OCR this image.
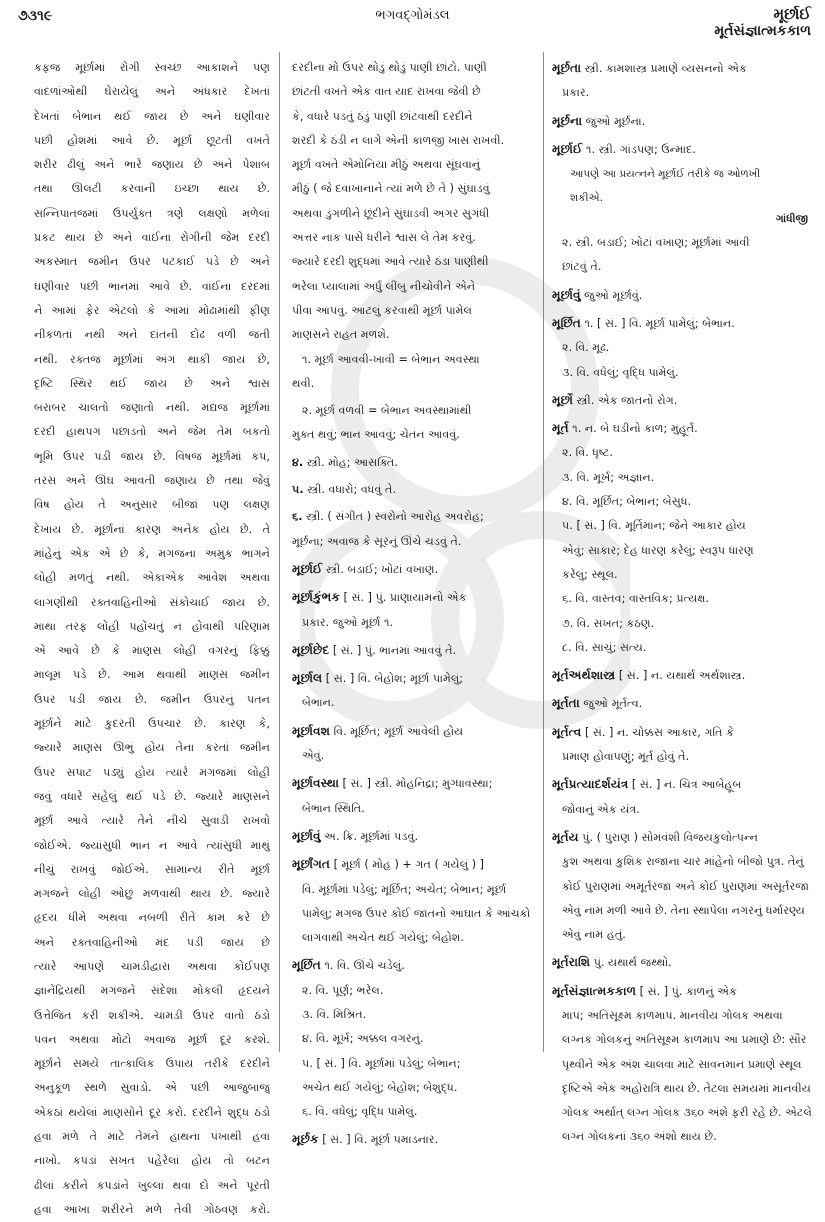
૭૩૧૯	ભગવદ્ગોમંડલ	મૂર્છાઈ
મૂર્તસંજ્ઞાત્મકકાળ
કફજ મૂર્છામાં રોગી સ્વચ્છ આકાશને પણ
વાદળાંઓથી ઘેરાયેલું અને અંધકાર દેખતાં
દેખતાં બેભાન થઈ જાય છે અને ઘણીવાર
પછી હોશમાં આવે છે. મૂર્છા છૂટતી વખતે
શરીર ઢીલું અને ભારે જણાય છે અને પેશાબ
તથા ઊલટી કરવાની ઇચ્છા થાય છે.
સન્નિપાતજમાં ઉપર્યુક્ત ત્રણે લક્ષણો મળેલાં
પ્રકટ થાય છે અને વાઈના રોગીની જેમ દરદી
અકસ્માત જમીન ઉપર પટકાઈ પડે છે અને
ઘણીવાર પછી ભાનમાં આવે છે. વાઈના દરદમાં
ને આમાં ફેર એટલો કે આમાં મોઢામાંથી ફીણ
નીકળતાં નથી અને દાંતની દોઢ વળી જતી
નથી. રક્તજ મૂર્છામાં અંગ થાકી જાય છે,
દૃષ્ટિ સ્થિર થઈ જાય છે અને શ્વાસ
બરાબર ચાલતો જણાતો નથી. મદ્યજ મૂર્છામાં
દરદી હાથપગ પછાડતો અને જેમ તેમ બકતો
ભૂમિ ઉપર પડી જાય છે. વિષજ મૂર્છામાં કંપ,
તરસ અને ઊંઘ આવતી જણાય છે તથા જેવું
વિષ હોય તે અનુસાર બીજાં પણ લક્ષણ
દેખાય છે. મૂર્છાનાં કારણ અનેક હોય છે. તે
માંહેનું એક એ છે કે, મગજના અમુક ભાગને
લોહી મળતું નથી. એકાએક આવેશ અથવા
લાગણીથી રક્તવાહિનીઓ સંકોચાઈ જાય છે.
માથા તરફ લોહી પહોંચતું ન હોવાથી પરિણામ
એ આવે છે કે માણસ લોહી વગરનું ફિક્કું
માલૂમ પડે છે. આમ થવાથી માણસ જમીન
ઉપર પડી જાય છે. જમીન ઉપરનું પતન
મૂર્છાને માટે કુદરતી ઉપચાર છે. કારણ કે,
જ્યારે માણસ ઊભું હોય તેના કરતાં જમીન
ઉપર સપાટ પડ્યું હોય ત્યારે મગજમાં લોહી
જવું વધારે સહેલું થઈ પડે છે. જ્યારે માણસને
મૂર્છા આવે ત્યારે તેને નીચે સુવાડી રાખવો
જોઈએ. જ્યાંસુધી ભાન ન આવે ત્યાંસુધી માથું
નીચું રાખવું જોઈએ. સામાન્ય રીતે મૂર્છા
મગજને લોહી ઓછું મળવાથી થાય છે. જ્યારે
હૃદય ધીમે અથવા નબળી રીતે કામ કરે છે
અને રક્તવાહિનીઓ મંદ પડી જાય છે
ત્યારે આપણે ચામડીદ્વારા અથવા કોઈપણ
જ્ઞાનેંદ્રિયથી મગજને સંદેશા મોકલી હૃદયને
ઉત્તેજિત કરી શકીએ. ચામડી ઉપર વાતો ઠંડો
પવન અથવા મોટો અવાજ મૂર્છા દૂર કરશે.
મૂર્છાને સમયે તાત્કાલિક ઉપાય તરીકે દરદીને
અનુકૂળ સ્થળે સુવાડો. એ પછી આજુબાજુ
એકઠાં થયેલાં માણસોને દૂર કરો. દરદીને શુદ્ધ ઠંડો
હવા મળે તે માટે તેમને હાથના પંખાથી હવા
નાખો. કપડાં સખત પહેરેલાં હોય તો બટન
ઢીલાં કરીને કપડાંને ખુલ્લાં થવા દો અને પૂરતી
હવા આખા શરીરને મળે તેવી ગોઠવણ કરો.
દરદીના મોં ઉપર થોડું થોડું પાણી છાંટો. પાણી
છાંટતી વખતે એક વાત યાદ રાખવા જેવી છે
કે, વધારે પડતું ઠંડું પાણી છાંટવાથી દરદીને
શરદી કે ઠંડી ન લાગે એની કાળજી ખાસ રાખવી.
મૂર્છા વખતે એમોનિયા મીઠું અથવા સૂંઘવાનું
મીઠું ( જે દવાખાનાને ત્યાં મળે છે તે ) સુંઘાડવું
અથવા ડુંગળીને છૂંદીને સુંઘાડવી અગર સુગંધી
અત્તર નાક પાસે ધરીને શ્વાસ લે તેમ કરવું.
જ્યારે દરદી શુદ્ધમાં આવે ત્યારે ઠંડા પાણીથી
ભરેલા પ્યાલામાં અર્ધું લીંબુ નીચોવીને એને
પીવા આપવું. આટલું કરવાથી મૂર્છા પામેલ
માણસને રાહત મળશે.
૧. મૂર્છા આવવી-ખાવી = બેભાન અવસ્થા
થવી.
૨. મૂર્છા વળવી = બેભાન અવસ્થામાંથી
મુક્ત થવું; ભાન આવવું; ચેતન આવવું.
૪. સ્ત્રી. મોહ; આસક્તિ.
૫. સ્ત્રી. વધારો; વધવું તે.
૬. સ્ત્રી. ( સંગીત ) સ્વરોનો આરોહ અવરોહ;
મૂર્છના; અવાજ કે સૂરનું ઊંચે ચડવું તે.
મૂર્છાઈ સ્ત્રી. બડાઈ; ખોટાં વખાણ.
મૂર્છાકુંભક [ સં. ] પું. પ્રાણાયામનો એક
પ્રકાર. જુઓ મૂર્છા ૧.
મૂર્છાછેદ [ સં. ] પું. ભાનમાં આવવું તે.
મૂર્છાલ [ સં. ] વિ. બેહોશ; મૂર્છા પામેલું;
બેભાન.
મૂર્છાવશ વિ. મૂર્છિત; મૂર્છા આવેલી હોય
એવું.
મૂર્છાવસ્થા [ સં. ] સ્ત્રી. મોહનિદ્રા; મુગ્ધાવસ્થા;
બેભાન સ્થિતિ.
મૂર્છાવું અ. ક્રિ. મૂર્છામાં પડવું.
મૂર્છાંગત [ મૂર્છા ( મોહ ) + ગત ( ગયેલું ) ]
વિ. મૂર્છામાં પડેલું; મૂર્છિત; અચેત; બેભાન; મૂર્છા પામેલું; મગજ ઉપર કોઈ જાતનો આઘાત કે આંચકો લાગવાથી અચેત થઈ ગયેલું; બેહોશ.
મૂર્છિત ૧. વિ. ઊંચે ચડેલું.
૨. વિ. પૂર્ણ; ભરેલ.
૩. વિ. મિશ્રિત.
૪. વિ. મૂર્ખ; અક્કલ વગરનું.
૫. [ સં. ] વિ. મૂર્છામાં પડેલું; બેભાન;
અચેત થઈ ગયેલું; બેહોશ; બેશુદ્ધ.
૬. વિ. વધેલું; વૃદ્ધિ પામેલું.
મૂર્છક [ સં. ] વિ. મૂર્છા પમાડનાર.
મૂર્છતા સ્ત્રી. કામશાસ્ત્ર પ્રમાણે વ્યસનનો એક
પ્રકાર.
મૂર્છના જુઓ મૂર્છના.
મૂર્છાઈ ૧. સ્ત્રી. ગાંડપણ; ઉન્માદ.
આપણે આ પ્રયત્નને મૂર્છાઈ તરીકે જ ઓળખી
શકીએ.
ગાંધીજી
૨. સ્ત્રી. બડાઈ; ખોટાં વખાણ; મૂર્છામાં આવી
છાંટવું તે.
મૂર્છાવું જુઓ મૂર્છાવું.
મૂર્છિત ૧. [ સં. ] વિ. મૂર્છા પામેલું; બેભાન.
૨. વિ. મૂઢ.
૩. વિ. વધેલું; વૃદ્ધિ પામેલું.
મૂર્છો સ્ત્રી. એક જાતનો રોગ.
મૂર્ત ૧. ન. બે ઘડીનો કાળ; મુહૂર્ત.
૨. વિ. ધૃષ્ટ.
૩. વિ. મૂર્ખ; અજ્ઞાન.
૪. વિ. મૂર્છિત; બેભાન; બેસુધ.
૫. [ સં. ] વિ. મૂર્તિમાન; જેને આકાર હોય
એવું; સાકાર; દેહ ધારણ કરેલું; સ્વરૂપ ધારણ
કરેલું; સ્થૂલ.
૬. વિ. વાસ્તવ; વાસ્તવિક; પ્રત્યક્ષ.
૭. વિ. સખત; કઠણ.
૮. વિ. સાચું; સત્ય.
મૂર્તઅર્થશાસ્ત્ર [ સં. ] ન. યથાર્થ અર્થશાસ્ત્ર.
મૂર્તતા જુઓ મૂર્તત્વ.
મૂર્તત્વ [ સં. ] ન. ચોક્કસ આકાર, ગતિ કે
પ્રમાણ હોવાપણું; મૂર્ત હોવું તે.
મૂર્તપ્રત્યાદર્શયંત્ર [ સં. ] ન. ચિત્ર આબેહૂબ
જોવાનું એક યંત્ર.
મૂર્તય પું. ( પુરાણ ) સોમવંશી વિજયકુલોત્પન્ન
કુશ અથવા કુશિક રાજાના ચાર માંહેનો બીજો પુત્ર. તેનું કોઈ પુરાણમાં અમૂર્તરજા અને કોઈ પુરાણમાં અસૂર્તરજા એવું નામ મળી આવે છે. તેના સ્થાપેલા નગરનું ધર્મારણ્ય એવું નામ હતું.
મૂર્તરાશિ પું. યથાર્થ જથ્થો.
મૂર્તસંજ્ઞાત્મકકાળ [ સં. ] પું. કાળનું એક
માપ; અતિસૂક્ષ્મ કાળમાપ. માનવીય ગોલક અથવા લગ્નક ગોલકનું અતિસૂક્ષ્મ કાળમાપ આ પ્રમાણે છે: સૌર પૃથ્વીને એક અંશ ચાલવા માટે સાવનમાન પ્રમાણે સ્થૂલ દૃષ્ટિએ એક અહોરાત્રિ થાય છે. તેટલા સમયમાં માનવીય ગોલક અર્થાત્ લગ્ન ગોલક ૩૬૦ અંશે ફરી રહે છે. એટલે લગ્ન ગોલકનાં ૩૬૦ અંશો થાય છે.
